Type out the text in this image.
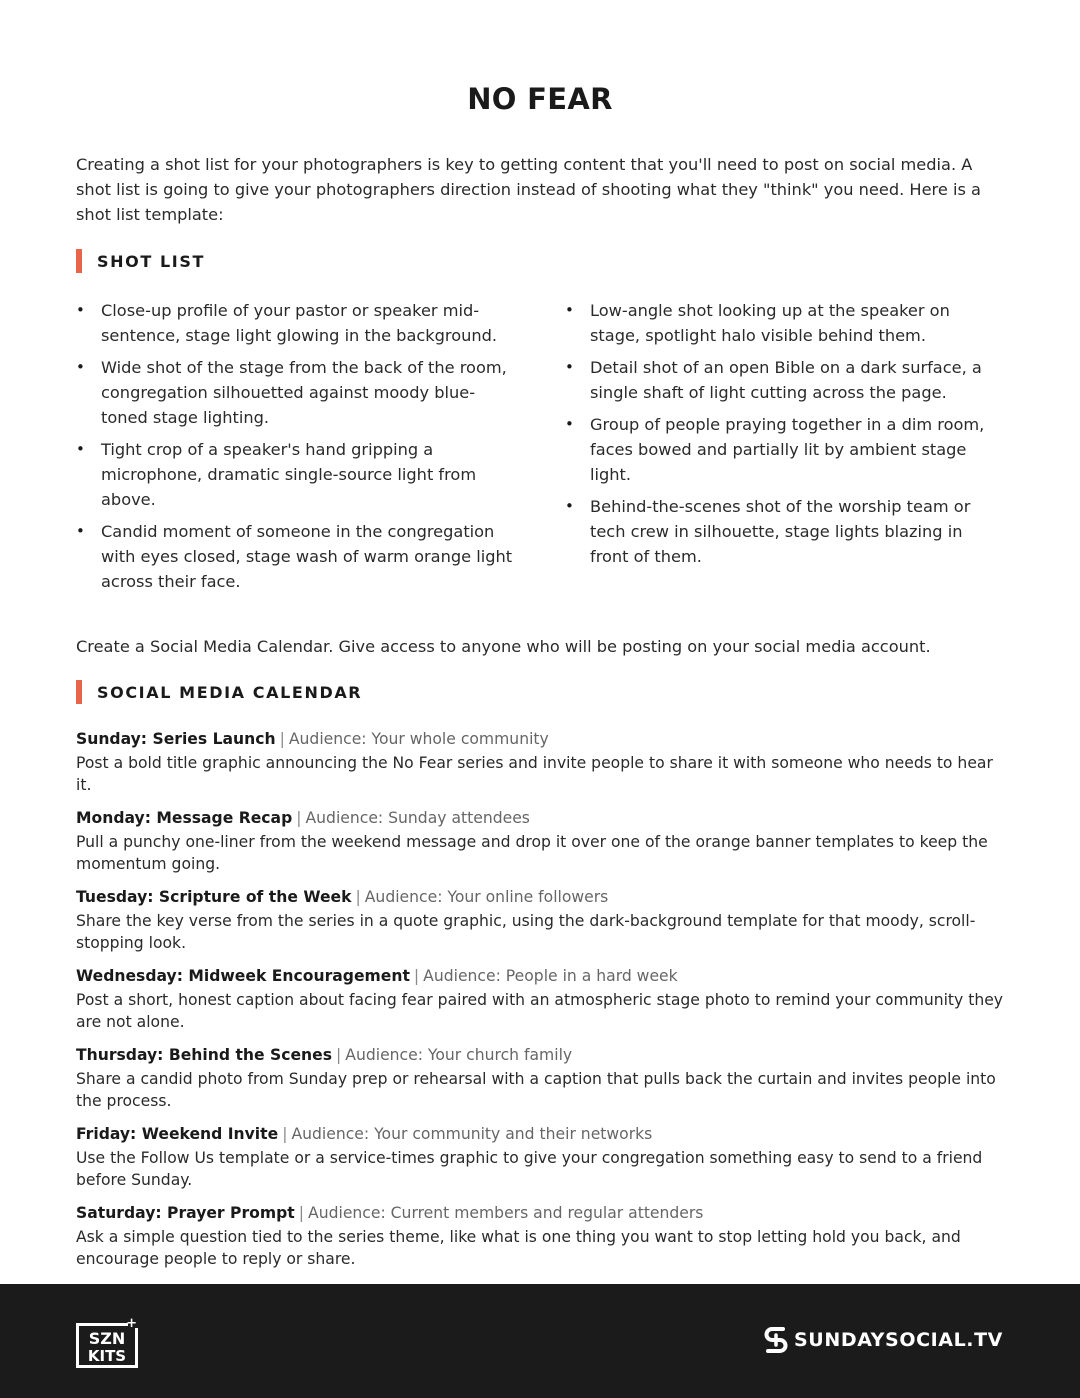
NO FEAR

Creating a shot list for your photographers is key to getting content that you'll need to post on social media. A shot list is going to give your photographers direction instead of shooting what they "think" you need. Here is a shot list template:

SHOT LIST
• Close-up profile of your pastor or speaker mid-sentence, stage light glowing in the background.
• Wide shot of the stage from the back of the room, congregation silhouetted against moody blue-toned stage lighting.
• Tight crop of a speaker's hand gripping a microphone, dramatic single-source light from above.
• Candid moment of someone in the congregation with eyes closed, stage wash of warm orange light across their face.
• Low-angle shot looking up at the speaker on stage, spotlight halo visible behind them.
• Detail shot of an open Bible on a dark surface, a single shaft of light cutting across the page.
• Group of people praying together in a dim room, faces bowed and partially lit by ambient stage light.
• Behind-the-scenes shot of the worship team or tech crew in silhouette, stage lights blazing in front of them.

Create a Social Media Calendar. Give access to anyone who will be posting on your social media account.

SOCIAL MEDIA CALENDAR
Sunday: Series Launch | Audience: Your whole community
Post a bold title graphic announcing the No Fear series and invite people to share it with someone who needs to hear it.
Monday: Message Recap | Audience: Sunday attendees
Pull a punchy one-liner from the weekend message and drop it over one of the orange banner templates to keep the momentum going.
Tuesday: Scripture of the Week | Audience: Your online followers
Share the key verse from the series in a quote graphic, using the dark-background template for that moody, scroll-stopping look.
Wednesday: Midweek Encouragement | Audience: People in a hard week
Post a short, honest caption about facing fear paired with an atmospheric stage photo to remind your community they are not alone.
Thursday: Behind the Scenes | Audience: Your church family
Share a candid photo from Sunday prep or rehearsal with a caption that pulls back the curtain and invites people into the process.
Friday: Weekend Invite | Audience: Your community and their networks
Use the Follow Us template or a service-times graphic to give your congregation something easy to send to a friend before Sunday.
Saturday: Prayer Prompt | Audience: Current members and regular attenders
Ask a simple question tied to the series theme, like what is one thing you want to stop letting hold you back, and encourage people to reply or share.
SZN
KITS
+
SUNDAYSOCIAL.TV
